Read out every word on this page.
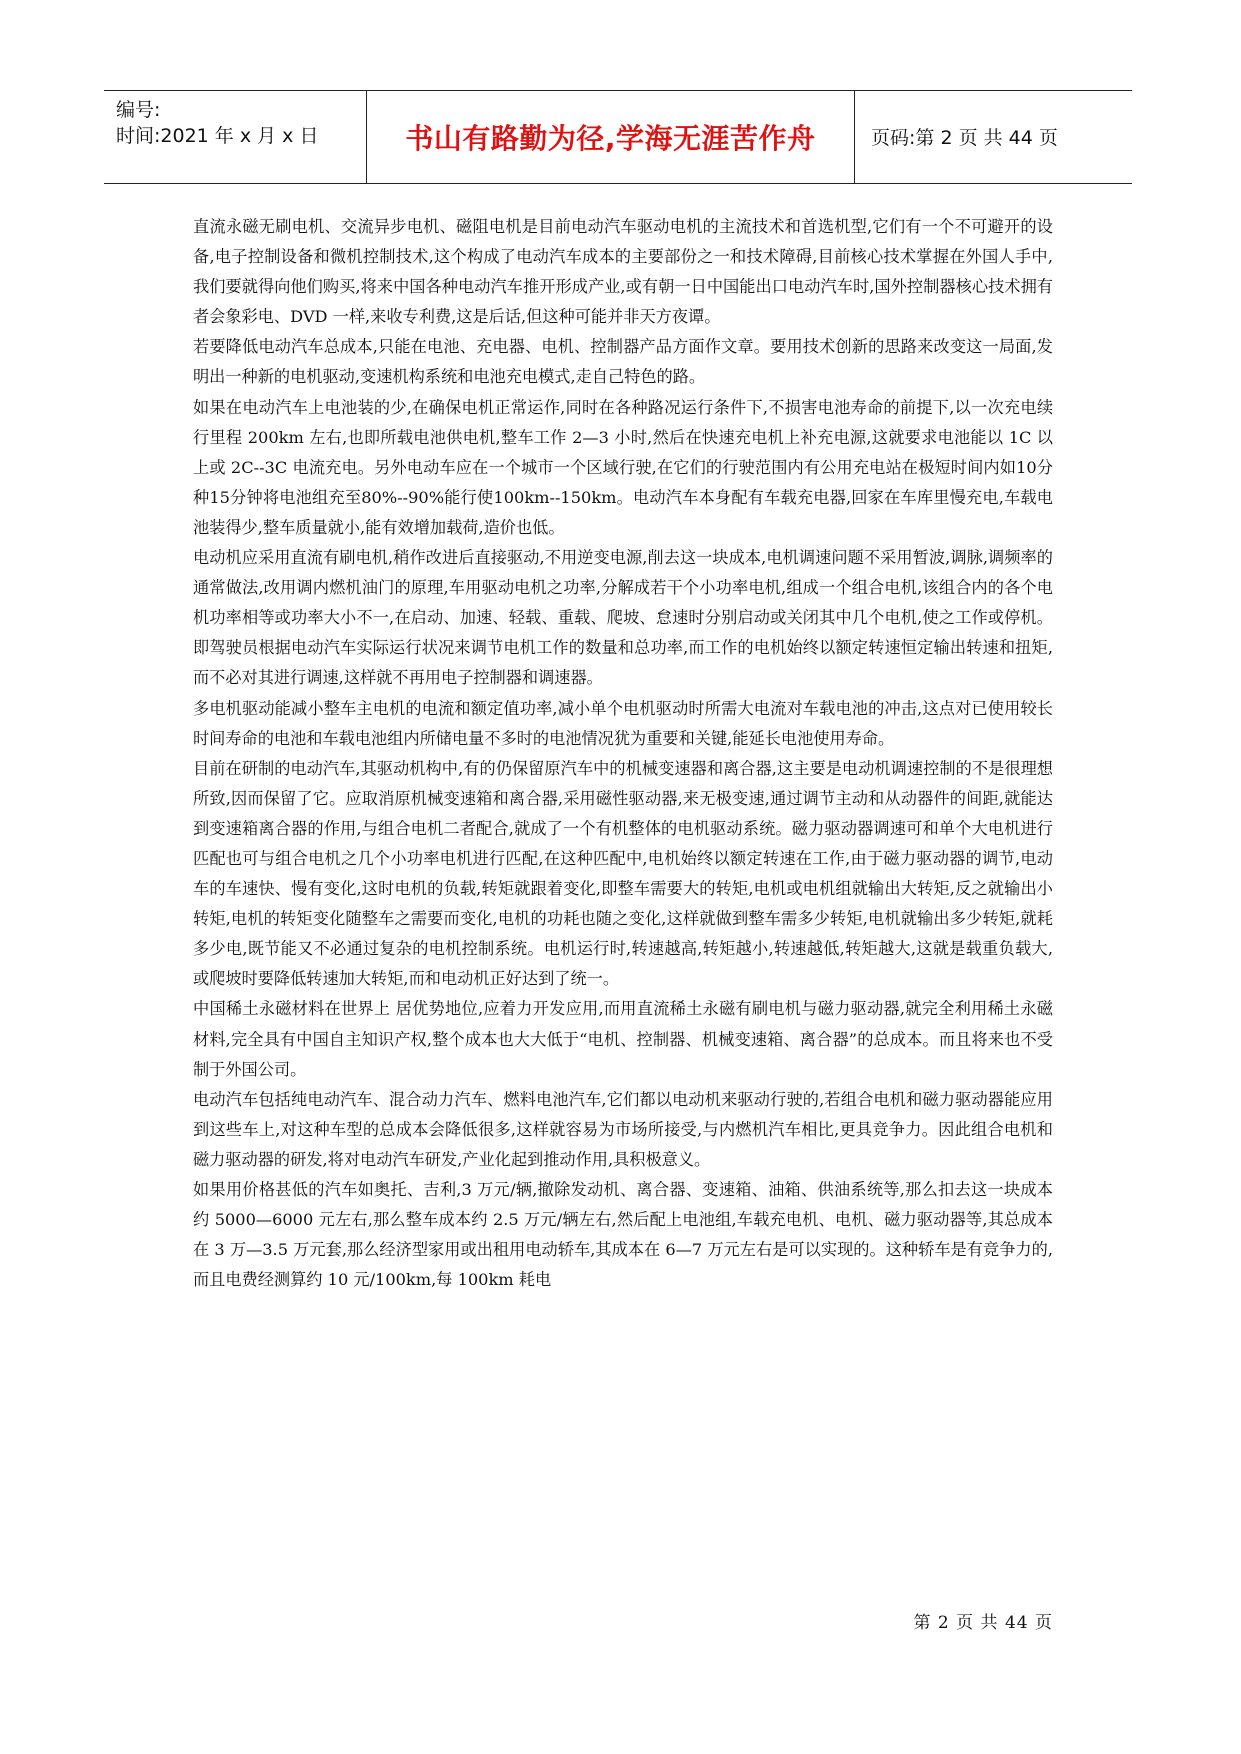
编号:
时间:2021 年 x 月 x 日	书山有路勤为径,学海无涯苦作舟	页码:第 2 页 共 44 页

直流永磁无刷电机、交流异步电机、磁阻电机是目前电动汽车驱动电机的主流技术和首选机型,它们有一个不可避开的设备,电子控制设备和微机控制技术,这个构成了电动汽车成本的主要部份之一和技术障碍,目前核心技术掌握在外国人手中,我们要就得向他们购买,将来中国各种电动汽车推开形成产业,或有朝一日中国能出口电动汽车时,国外控制器核心技术拥有者会象彩电、DVD 一样,来收专利费,这是后话,但这种可能并非天方夜谭。

若要降低电动汽车总成本,只能在电池、充电器、电机、控制器产品方面作文章。要用技术创新的思路来改变这一局面,发明出一种新的电机驱动,变速机构系统和电池充电模式,走自己特色的路。

如果在电动汽车上电池装的少,在确保电机正常运作,同时在各种路况运行条件下,不损害电池寿命的前提下,以一次充电续行里程 200km 左右,也即所载电池供电机,整车工作 2—3 小时,然后在快速充电机上补充电源,这就要求电池能以 1C 以上或 2C--3C 电流充电。另外电动车应在一个城市一个区域行驶,在它们的行驶范围内有公用充电站在极短时间内如10分种15分钟将电池组充至80%--90%能行使100km--150km。电动汽车本身配有车载充电器,回家在车库里慢充电,车载电池装得少,整车质量就小,能有效增加载荷,造价也低。

电动机应采用直流有刷电机,稍作改进后直接驱动,不用逆变电源,削去这一块成本,电机调速问题不采用暂波,调脉,调频率的通常做法,改用调内燃机油门的原理,车用驱动电机之功率,分解成若干个小功率电机,组成一个组合电机,该组合内的各个电机功率相等或功率大小不一,在启动、加速、轻载、重载、爬坡、怠速时分别启动或关闭其中几个电机,使之工作或停机。即驾驶员根据电动汽车实际运行状况来调节电机工作的数量和总功率,而工作的电机始终以额定转速恒定输出转速和扭矩,而不必对其进行调速,这样就不再用电子控制器和调速器。

多电机驱动能减小整车主电机的电流和额定值功率,减小单个电机驱动时所需大电流对车载电池的冲击,这点对已使用较长时间寿命的电池和车载电池组内所储电量不多时的电池情况犹为重要和关键,能延长电池使用寿命。

目前在研制的电动汽车,其驱动机构中,有的仍保留原汽车中的机械变速器和离合器,这主要是电动机调速控制的不是很理想所致,因而保留了它。应取消原机械变速箱和离合器,采用磁性驱动器,来无极变速,通过调节主动和从动器件的间距,就能达到变速箱离合器的作用,与组合电机二者配合,就成了一个有机整体的电机驱动系统。磁力驱动器调速可和单个大电机进行匹配也可与组合电机之几个小功率电机进行匹配,在这种匹配中,电机始终以额定转速在工作,由于磁力驱动器的调节,电动车的车速快、慢有变化,这时电机的负载,转矩就跟着变化,即整车需要大的转矩,电机或电机组就输出大转矩,反之就输出小转矩,电机的转矩变化随整车之需要而变化,电机的功耗也随之变化,这样就做到整车需多少转矩,电机就输出多少转矩,就耗多少电,既节能又不必通过复杂的电机控制系统。电机运行时,转速越高,转矩越小,转速越低,转矩越大,这就是载重负载大,或爬坡时要降低转速加大转矩,而和电动机正好达到了统一。

中国稀土永磁材料在世界上 居优势地位,应着力开发应用,而用直流稀土永磁有刷电机与磁力驱动器,就完全利用稀土永磁材料,完全具有中国自主知识产权,整个成本也大大低于“电机、控制器、机械变速箱、离合器”的总成本。而且将来也不受制于外国公司。

电动汽车包括纯电动汽车、混合动力汽车、燃料电池汽车,它们都以电动机来驱动行驶的,若组合电机和磁力驱动器能应用到这些车上,对这种车型的总成本会降低很多,这样就容易为市场所接受,与内燃机汽车相比,更具竞争力。因此组合电机和磁力驱动器的研发,将对电动汽车研发,产业化起到推动作用,具积极意义。

如果用价格甚低的汽车如奥托、吉利,3 万元/辆,撤除发动机、离合器、变速箱、油箱、供油系统等,那么扣去这一块成本约 5000—6000 元左右,那么整车成本约 2.5 万元/辆左右,然后配上电池组,车载充电机、电机、磁力驱动器等,其总成本在 3 万—3.5 万元套,那么经济型家用或出租用电动轿车,其成本在 6—7 万元左右是可以实现的。这种轿车是有竞争力的,而且电费经测算约 10 元/100km,每 100km 耗电

第 2 页 共 44 页
